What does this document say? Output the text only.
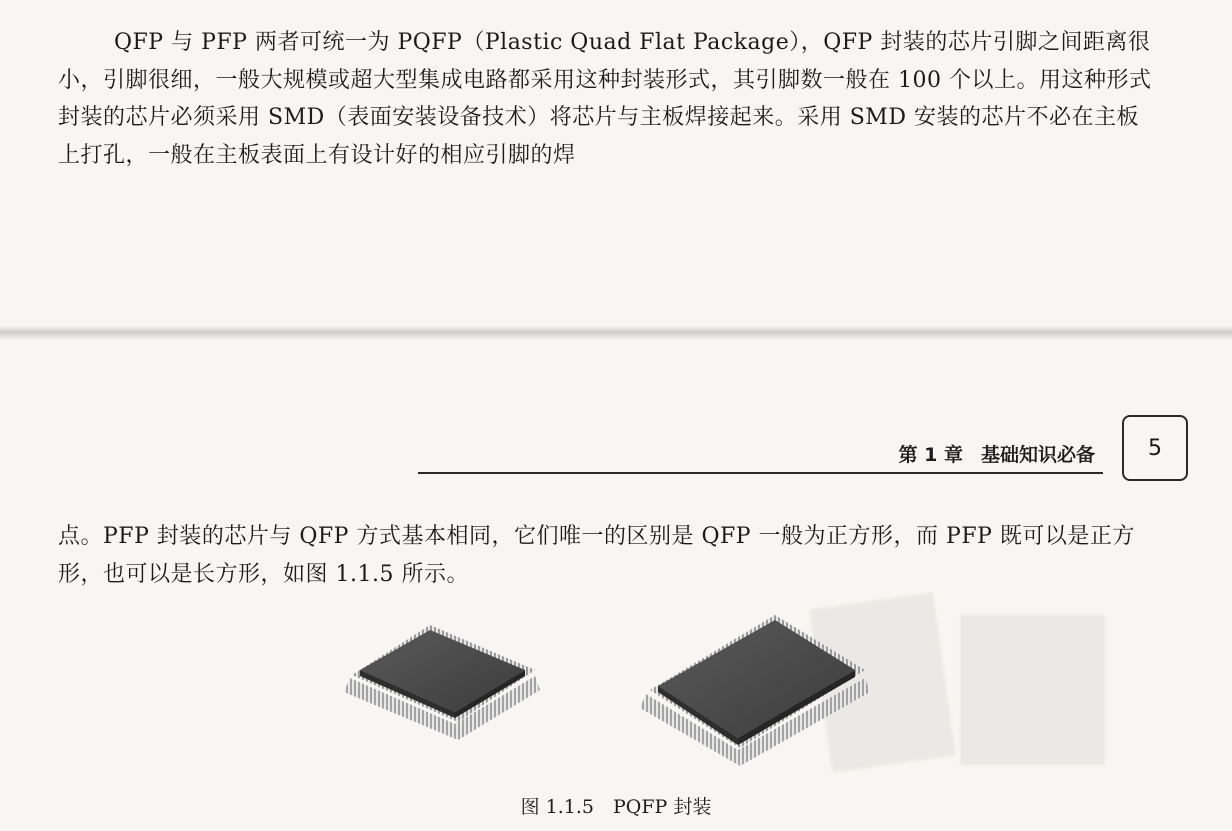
QFP 与 PFP 两者可统一为 PQFP（Plastic Quad Flat Package），QFP 封装的芯片引脚之间距离很小，引脚很细，一般大规模或超大型集成电路都采用这种封装形式，其引脚数一般在 100 个以上。用这种形式封装的芯片必须采用 SMD（表面安装设备技术）将芯片与主板焊接起来。采用 SMD 安装的芯片不必在主板上打孔，一般在主板表面上有设计好的相应引脚的焊

第 1 章 基础知识必备	5

点。PFP 封装的芯片与 QFP 方式基本相同，它们唯一的区别是 QFP 一般为正方形，而 PFP 既可以是正方形，也可以是长方形，如图 1.1.5 所示。

图 1.1.5　PQFP 封装
